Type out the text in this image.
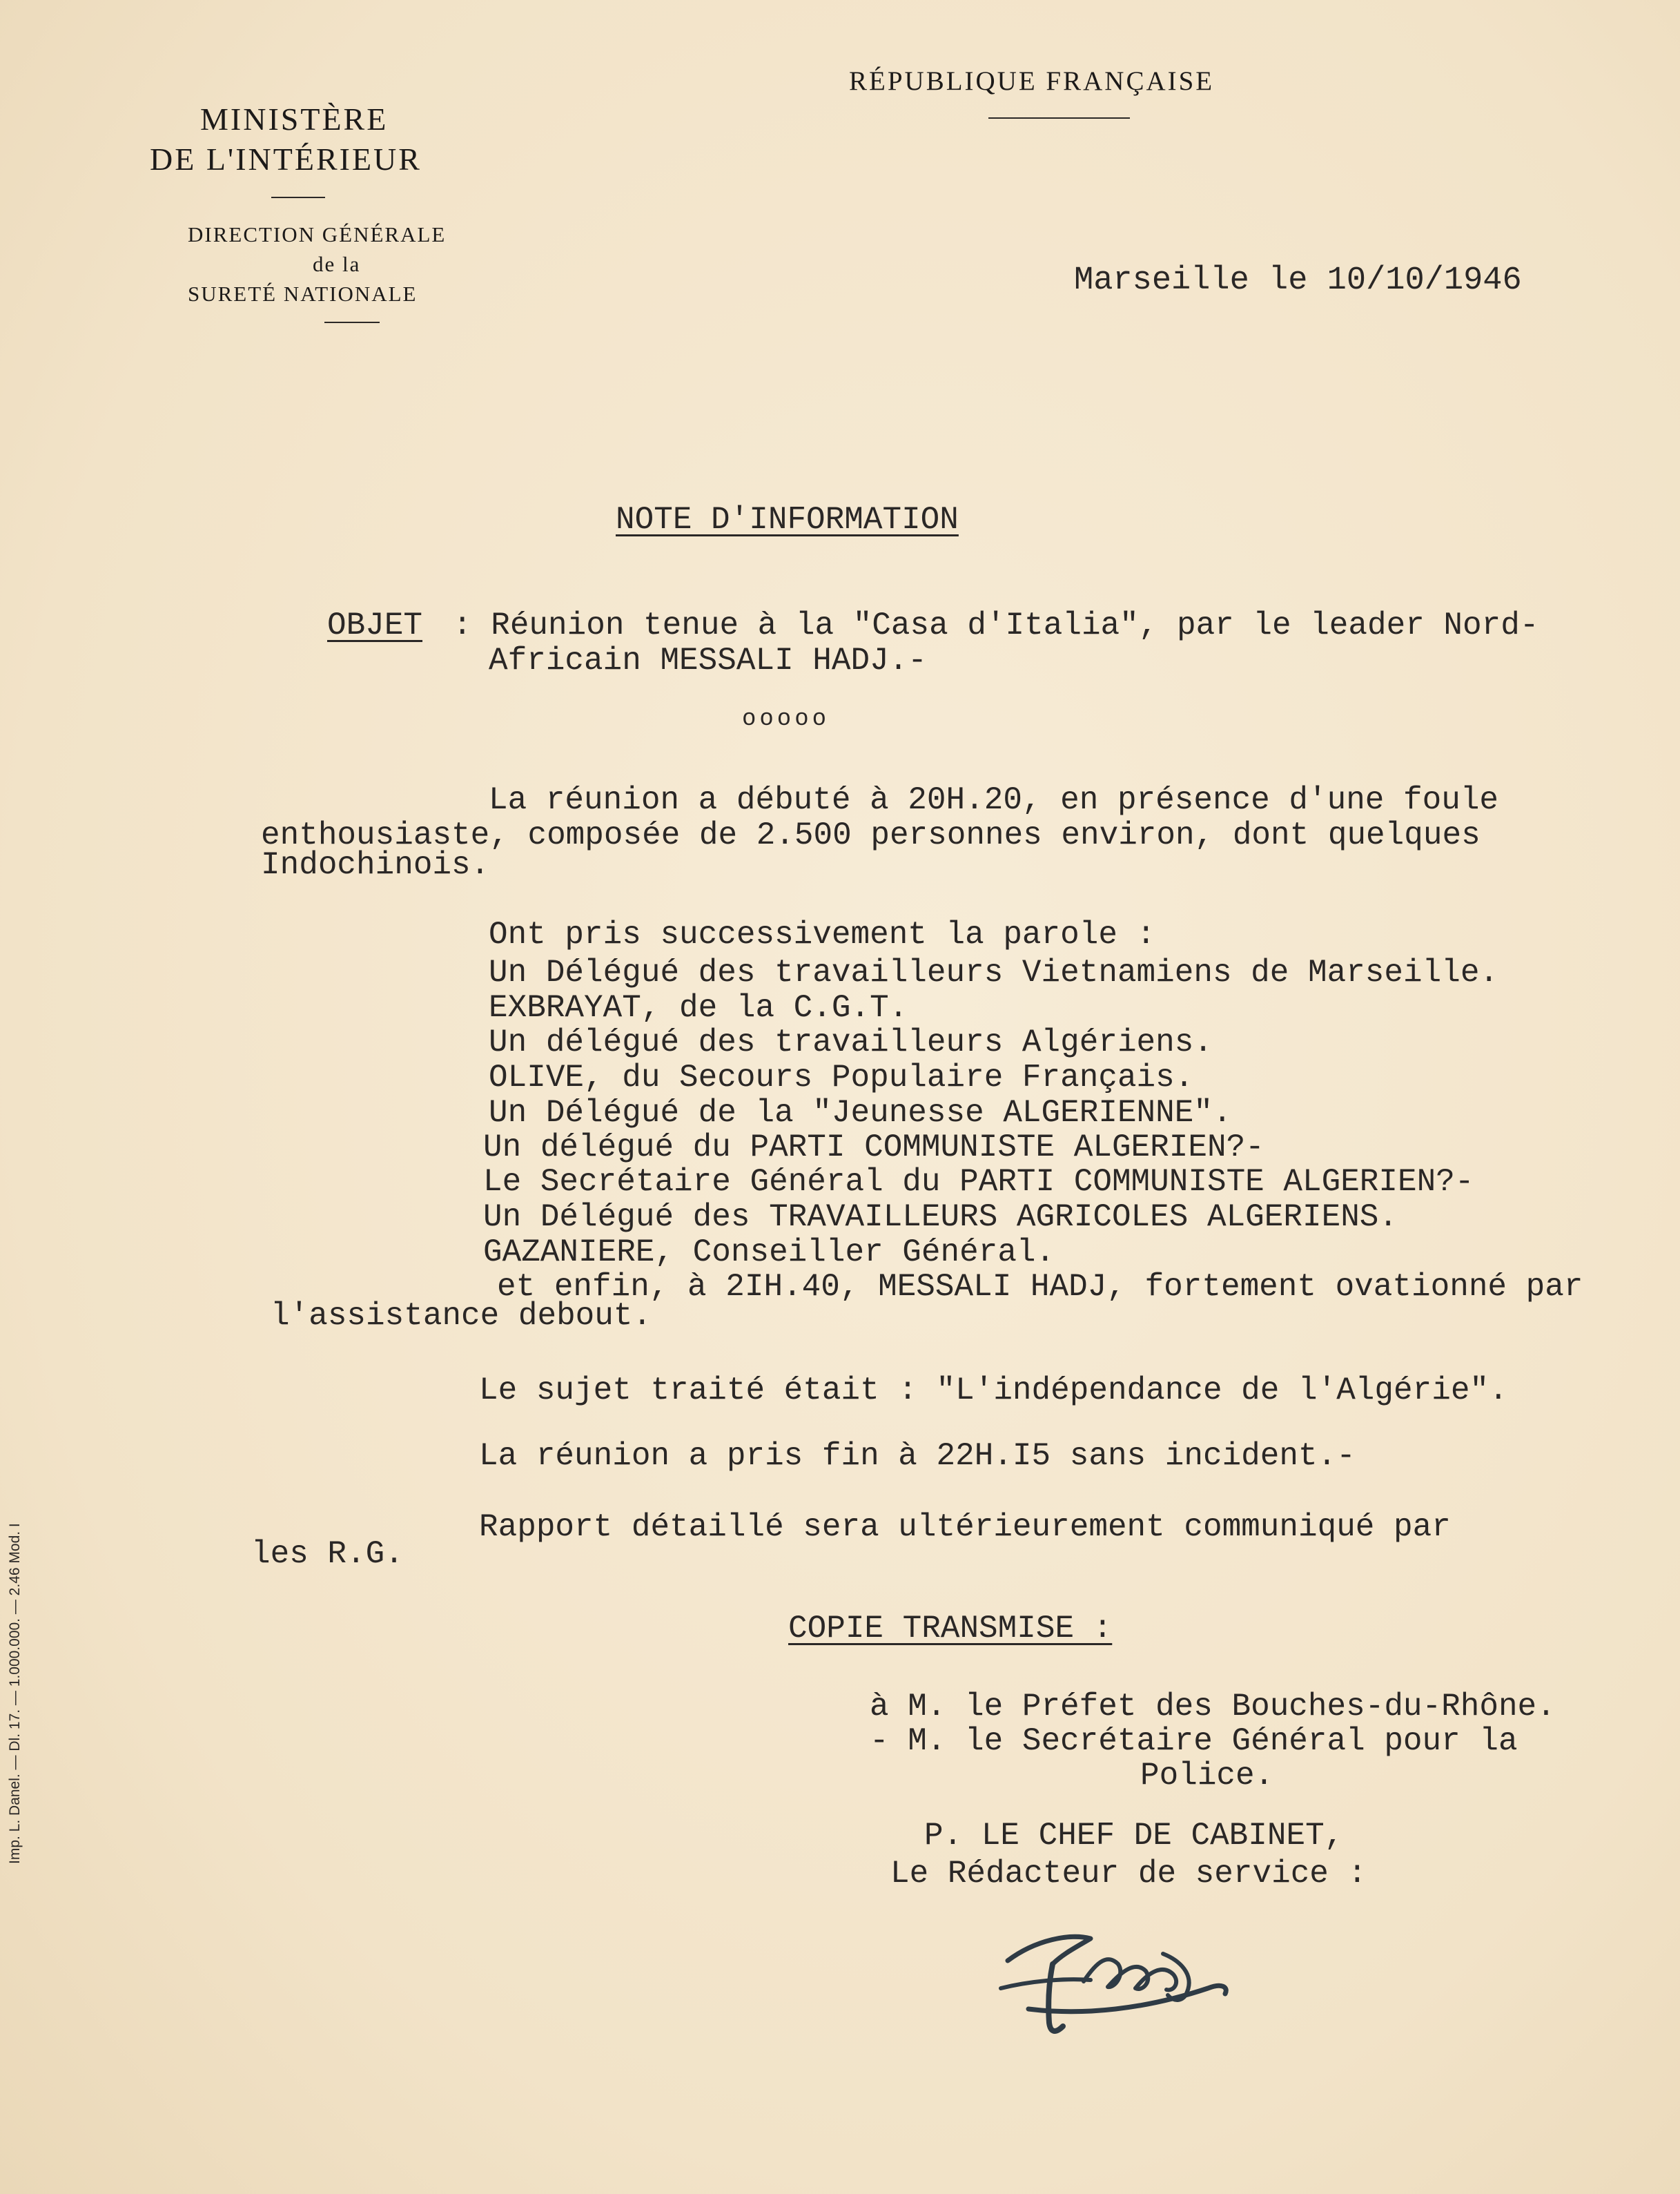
MINISTÈRE
DE L'INTÉRIEUR
DIRECTION GÉNÉRALE
de la
SURETÉ NATIONALE
RÉPUBLIQUE FRANÇAISE
Marseille le 10/10/1946
NOTE D'INFORMATION
OBJET : Réunion tenue à la "Casa d'Italia", par le leader Nord-
Africain MESSALI HADJ.-
ooooo
La réunion a débuté à 20H.20, en présence d'une foule
enthousiaste, composée de 2.500 personnes environ, dont quelques
Indochinois.
Ont pris successivement la parole :
Un Délégué des travailleurs Vietnamiens de Marseille.
EXBRAYAT, de la C.G.T.
Un délégué des travailleurs Algériens.
OLIVE, du Secours Populaire Français.
Un Délégué de la "Jeunesse ALGERIENNE".
Un délégué du PARTI COMMUNISTE ALGERIEN?-
Le Secrétaire Général du PARTI COMMUNISTE ALGERIEN?-
Un Délégué des TRAVAILLEURS AGRICOLES ALGERIENS.
GAZANIERE, Conseiller Général.
et enfin, à 2IH.40, MESSALI HADJ, fortement ovationné par
l'assistance debout.
Le sujet traité était : "L'indépendance de l'Algérie".
La réunion a pris fin à 22H.I5 sans incident.-
Rapport détaillé sera ultérieurement communiqué par
les R.G.
COPIE TRANSMISE :
à M. le Préfet des Bouches-du-Rhône.
- M. le Secrétaire Général pour la
Police.
P. LE CHEF DE CABINET,
Le Rédacteur de service :
Imp. L. Danel. — Dl. 17. — 1.000.000. — 2.46 Mod. I
